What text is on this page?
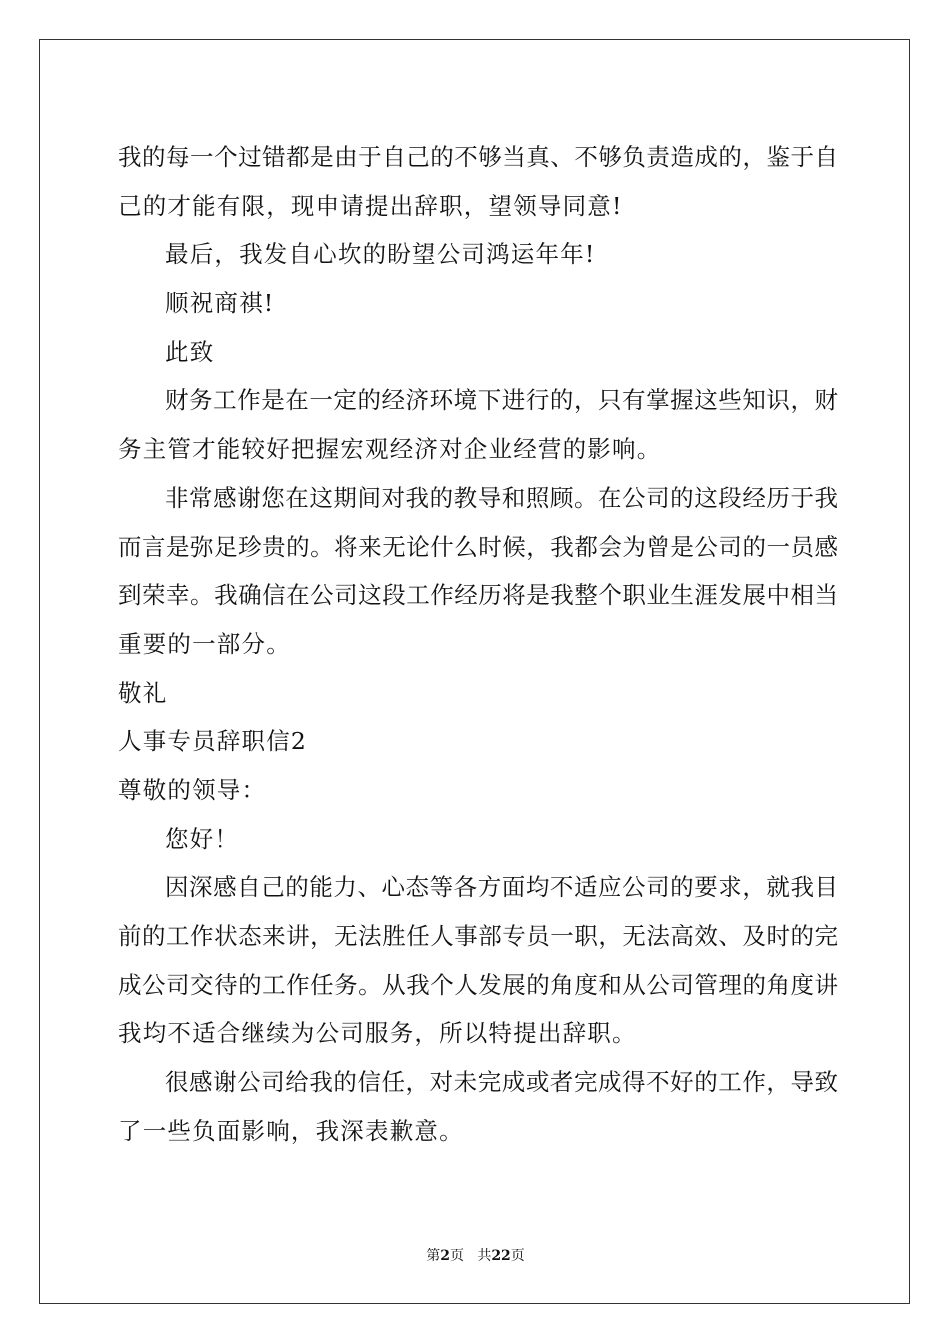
我的每一个过错都是由于自己的不够当真、不够负责造成的，鉴于自
己的才能有限，现申请提出辞职，望领导同意!
最后，我发自心坎的盼望公司鸿运年年!
顺祝商祺!
此致
财务工作是在一定的经济环境下进行的，只有掌握这些知识，财
务主管才能较好把握宏观经济对企业经营的影响。
非常感谢您在这期间对我的教导和照顾。在公司的这段经历于我
而言是弥足珍贵的。将来无论什么时候，我都会为曾是公司的一员感
到荣幸。我确信在公司这段工作经历将是我整个职业生涯发展中相当
重要的一部分。
敬礼
人事专员辞职信2
尊敬的领导：
您好！
因深感自己的能力、心态等各方面均不适应公司的要求，就我目
前的工作状态来讲，无法胜任人事部专员一职，无法高效、及时的完
成公司交待的工作任务。从我个人发展的角度和从公司管理的角度讲
我均不适合继续为公司服务，所以特提出辞职。
很感谢公司给我的信任，对未完成或者完成得不好的工作，导致
了一些负面影响，我深表歉意。
第2页 共22页
